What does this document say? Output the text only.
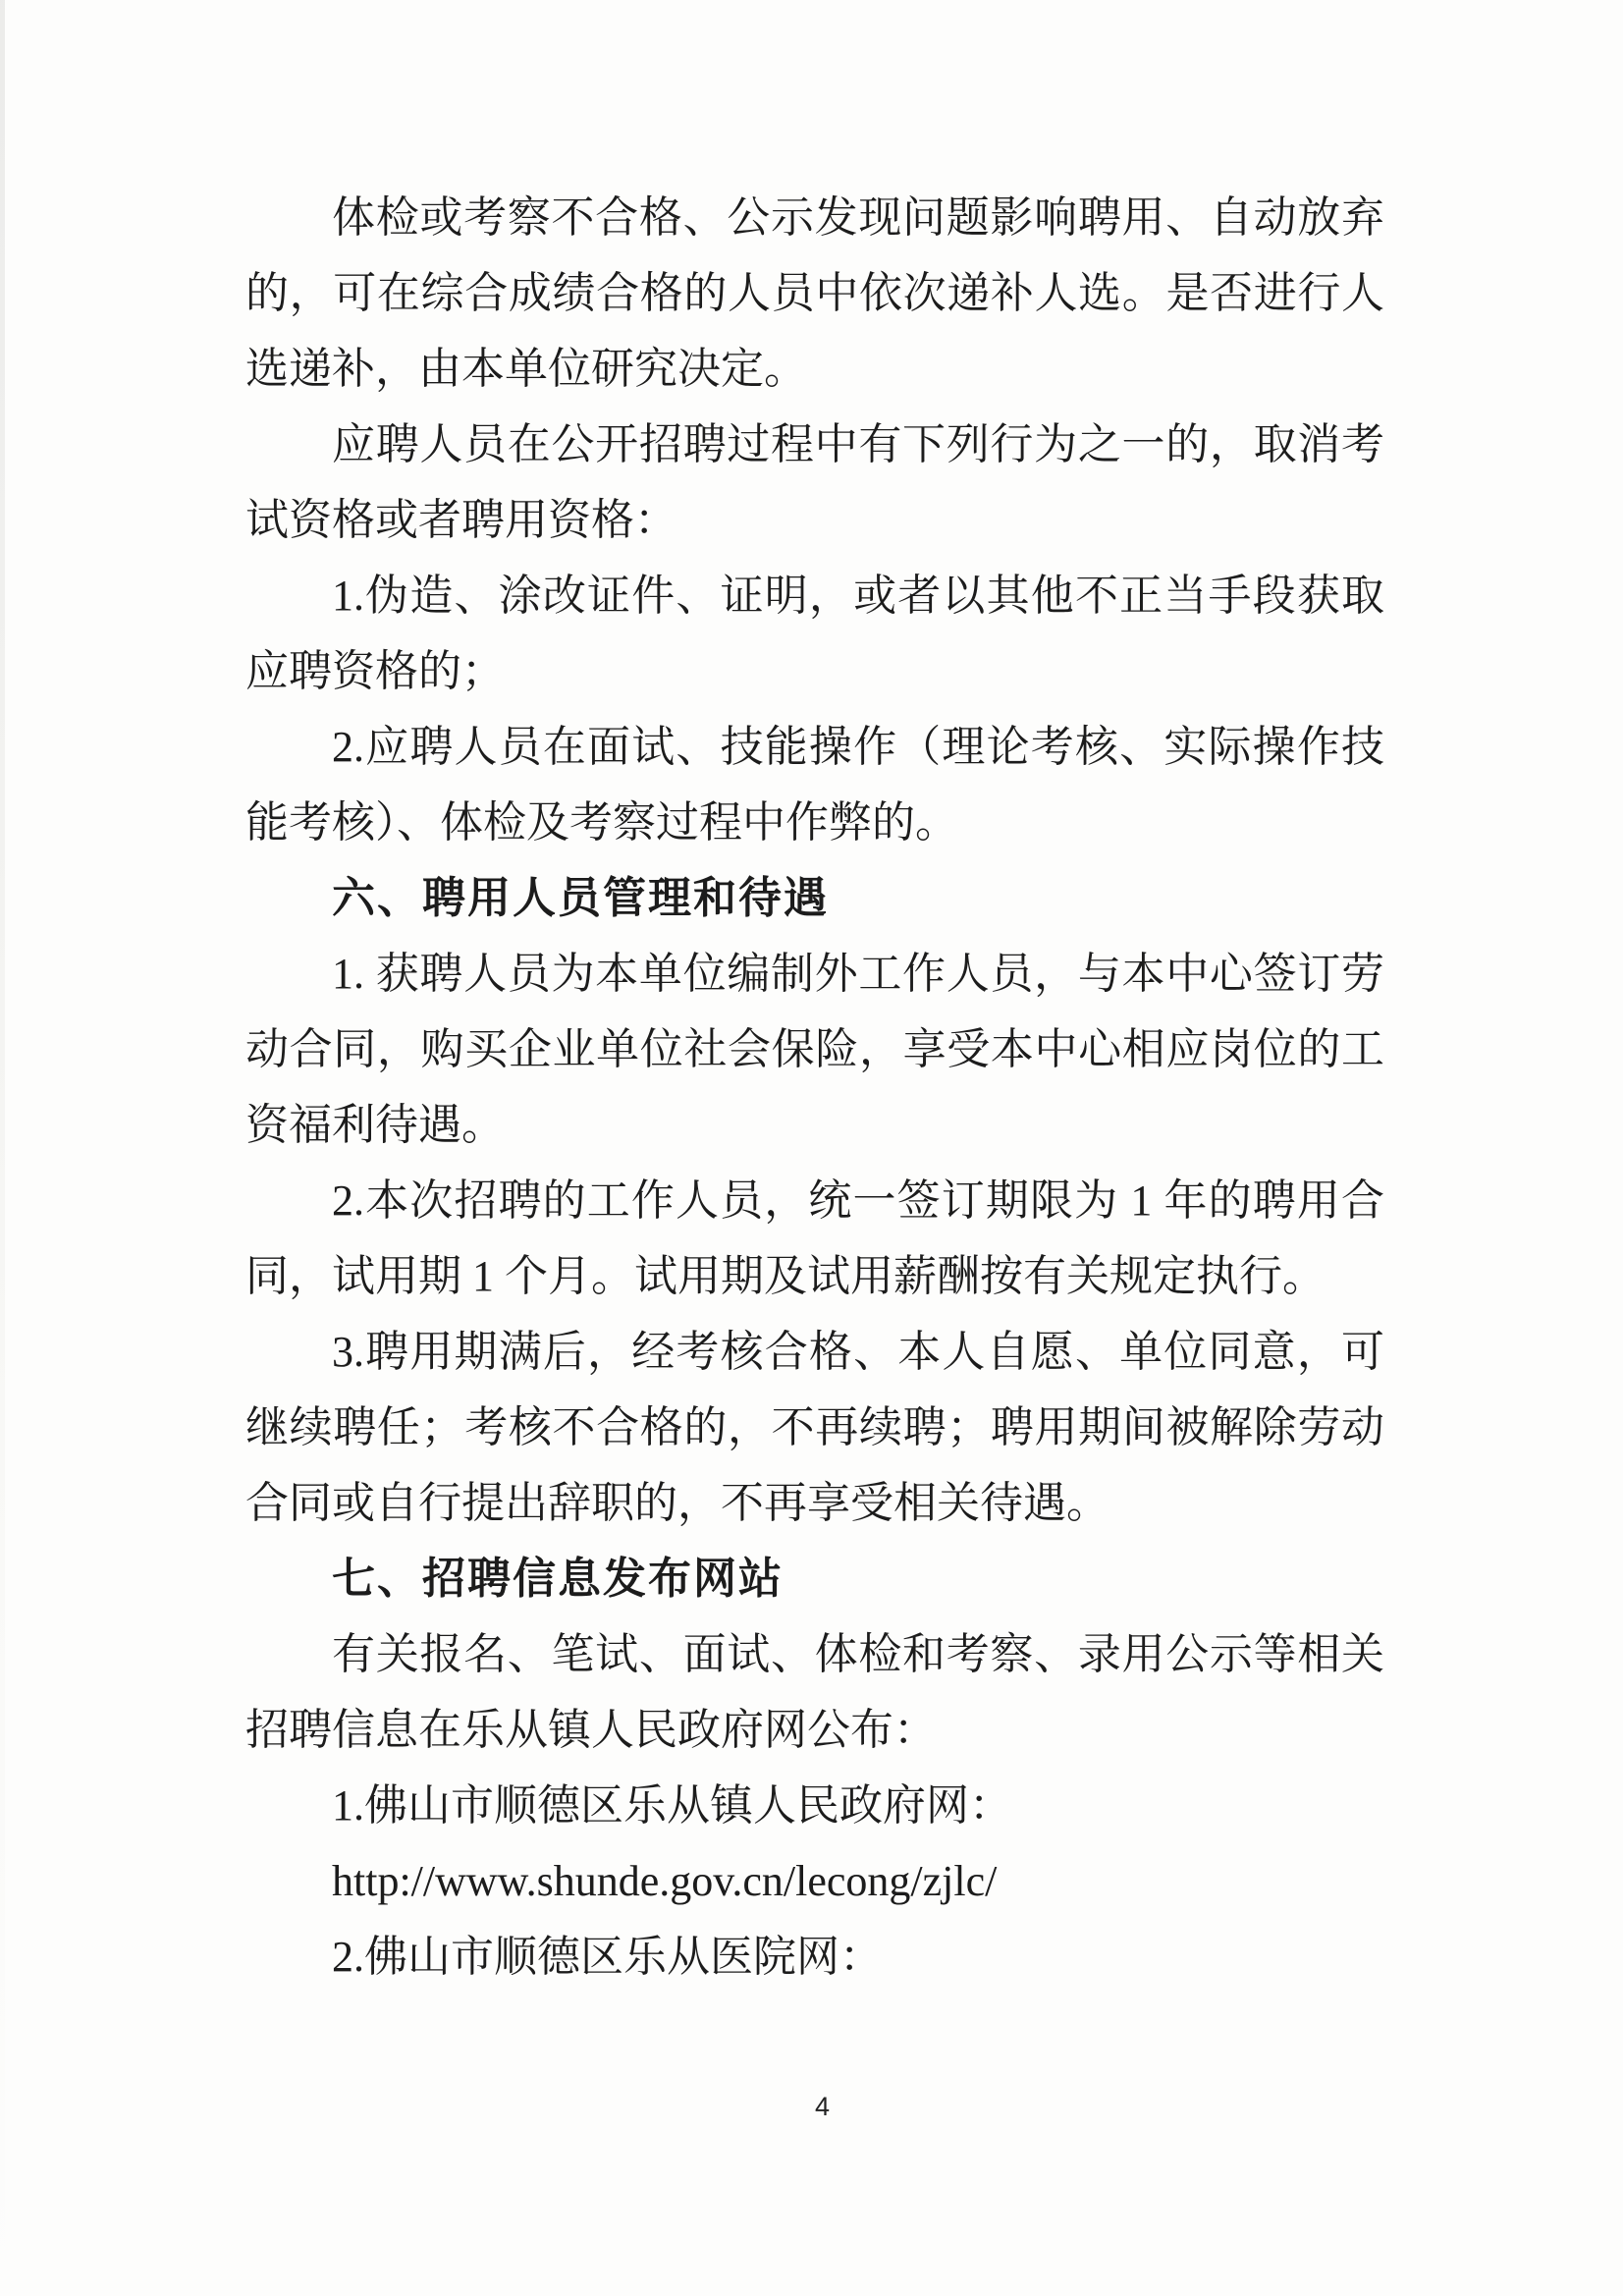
体检或考察不合格、公示发现问题影响聘用、自动放弃
的，可在综合成绩合格的人员中依次递补人选。是否进行人
选递补，由本单位研究决定。
应聘人员在公开招聘过程中有下列行为之一的，取消考
试资格或者聘用资格：
1.伪造、涂改证件、证明，或者以其他不正当手段获取
应聘资格的；
2.应聘人员在面试、技能操作（理论考核、实际操作技
能考核）、体检及考察过程中作弊的。
六、聘用人员管理和待遇
1. 获聘人员为本单位编制外工作人员，与本中心签订劳
动合同，购买企业单位社会保险，享受本中心相应岗位的工
资福利待遇。
2.本次招聘的工作人员，统一签订期限为 1 年的聘用合
同，试用期 1 个月。试用期及试用薪酬按有关规定执行。
3.聘用期满后，经考核合格、本人自愿、单位同意，可
继续聘任；考核不合格的，不再续聘；聘用期间被解除劳动
合同或自行提出辞职的，不再享受相关待遇。
七、招聘信息发布网站
有关报名、笔试、面试、体检和考察、录用公示等相关
招聘信息在乐从镇人民政府网公布：
1.佛山市顺德区乐从镇人民政府网：
http://www.shunde.gov.cn/lecong/zjlc/
2.佛山市顺德区乐从医院网：
4
